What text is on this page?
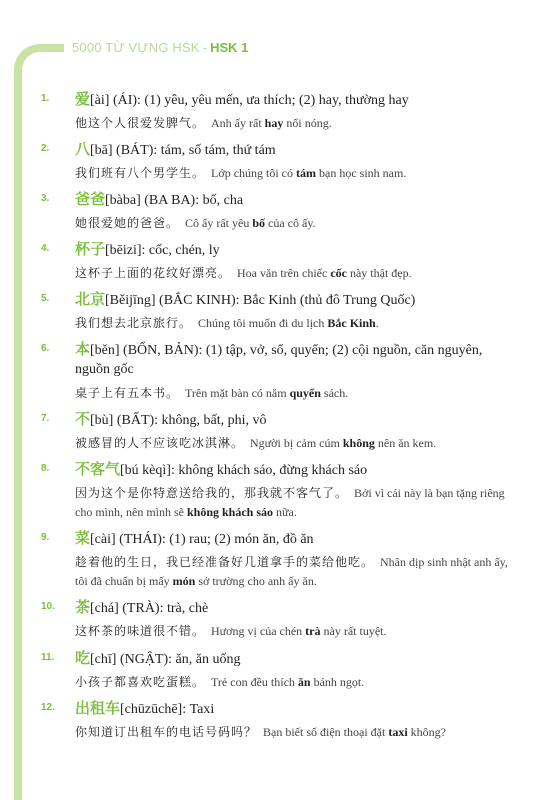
5000 TỪ VỰNG HSK - HSK 1
1.	爱[ài] (ÁI): (1) yêu, yêu mến, ưa thích; (2) hay, thường hay
他这个人很爱发脾气。 Anh ấy rất hay nổi nóng.
2.	八[bā] (BÁT): tám, số tám, thứ tám
我们班有八个男学生。 Lớp chúng tôi có tám bạn học sinh nam.
3.	爸爸[bàba] (BA BA): bố, cha
她很爱她的爸爸。 Cô ấy rất yêu bố của cô ấy.
4.	杯子[bēizi]: cốc, chén, ly
这杯子上面的花纹好漂亮。 Hoa văn trên chiếc cốc này thật đẹp.
5.	北京[Běijīng] (BẮC KINH): Bắc Kinh (thủ đô Trung Quốc)
我们想去北京旅行。 Chúng tôi muốn đi du lịch Bắc Kinh.
6.	本[běn] (BỔN, BẢN): (1) tập, vở, sổ, quyển; (2) cội nguồn, căn nguyên, nguồn gốc
桌子上有五本书。 Trên mặt bàn có năm quyển sách.
7.	不[bù] (BẤT): không, bất, phi, vô
被感冒的人不应该吃冰淇淋。 Người bị cảm cúm không nên ăn kem.
8.	不客气[bú kèqì]: không khách sáo, đừng khách sáo
因为这个是你特意送给我的，那我就不客气了。 Bởi vì cái này là bạn tặng riêng cho mình, nên mình sẽ không khách sáo nữa.
9.	菜[cài] (THÁI): (1) rau; (2) món ăn, đồ ăn
趁着他的生日，我已经准备好几道拿手的菜给他吃。 Nhân dịp sinh nhật anh ấy, tôi đã chuẩn bị mấy món sở trường cho anh ấy ăn.
10.	茶[chá] (TRÀ): trà, chè
这杯茶的味道很不错。 Hương vị của chén trà này rất tuyệt.
11.	吃[chī] (NGẬT): ăn, ăn uống
小孩子都喜欢吃蛋糕。 Trẻ con đều thích ăn bánh ngọt.
12.	出租车[chūzūchē]: Taxi
你知道订出租车的电话号码吗？ Bạn biết số điện thoại đặt taxi không?
